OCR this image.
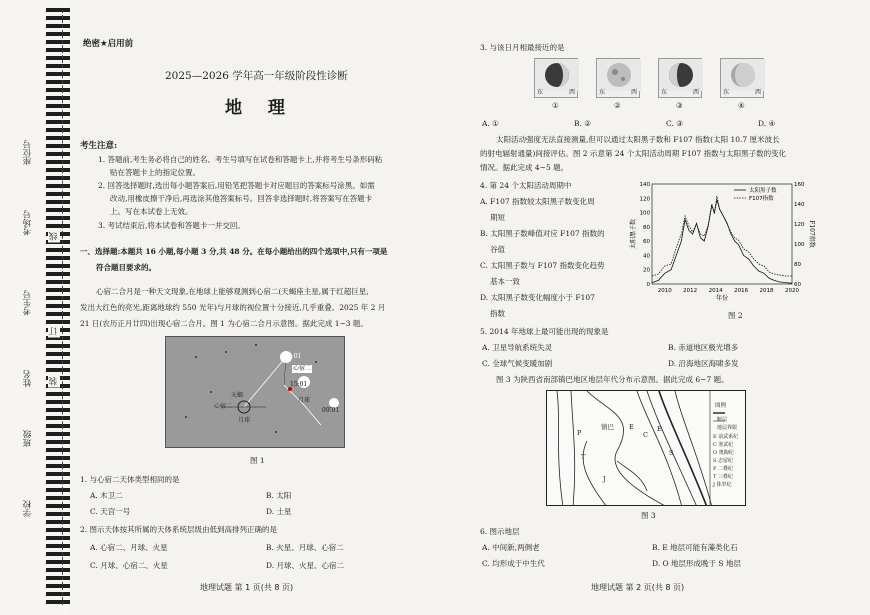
座位号
考场号
考生号
姓名
班级
学校
线
订
装
绝密★启用前
2025—2026 学年高一年级阶段性诊断
地 理
考生注意:
1. 答题前,考生务必将自己的姓名、考生号填写在试卷和答题卡上,并将考生号条形码粘
贴在答题卡上的指定位置。
2. 回答选择题时,选出每小题答案后,用铅笔把答题卡对应题目的答案标号涂黑。如需
改动,用橡皮擦干净后,再选涂其他答案标号。回答非选择题时,将答案写在答题卡
上。写在本试卷上无效。
3. 考试结束后,将本试卷和答题卡一并交回。
一、选择题:本题共 16 小题,每小题 3 分,共 48 分。在每小题给出的四个选项中,只有一项是
符合题目要求的。
心宿二合月是一种天文现象,在地球上能够观测到心宿二(天蝎座主星,属于红超巨星,
发出大红色的亮光,距离地球约 550 光年)与月球的视位置十分接近,几乎重叠。2025 年 2 月
21 日(农历正月廿四)出现心宿二合月。图 1 为心宿二合月示意图。据此完成 1~3 题。
21:01
心宿二
15:01
09:01
天蝎
心宿二
月球
月球
图 1
1. 与心宿二天体类型相同的是
A. 木卫二	B. 太阳
C. 天宫一号	D. 土星
2. 图示天体按其所属的天体系统层级由低到高排列正确的是
A. 心宿二、月球、火星	B. 火星、月球、心宿二
C. 月球、心宿二、火星	D. 月球、火星、心宿二
地理试题 第 1 页(共 8 页)
3. 与该日月相最接近的是
东	西
①
东	西
②
东	西
③
东	西
④
A. ①	B. ②	C. ③	D. ④
太阳活动强度无法直接测量,但可以通过太阳黑子数和 F107 指数(太阳 10.7 厘米波长
的射电辐射通量)间接评估。图 2 示意第 24 个太阳活动周期 F107 指数与太阳黑子数的变化
情况。据此完成 4~5 题。
4. 第 24 个太阳活动周期中
A. F107 指数较太阳黑子数变化周
期短
B. 太阳黑子数峰值对应 F107 指数的
谷值
C. 太阳黑子数与 F107 指数变化趋势
基本一致
D. 太阳黑子数变化幅度小于 F107
指数
2010 2012 2014 2016 2018 2020
0
20
40
60
80
100
120
140
60
80
100
120
140
160
年份
太阳黑子数	F107指数
太阳黑子数
F107指数
图 2
5. 2014 年地球上最可能出现的现象是
A. 卫星导航系统失灵	B. 赤道地区极光增多
C. 全球气候变暖加剧	D. 沿海地区海啸多发
图 3 为陕西省南部镇巴地区地层年代分布示意图。据此完成 6~7 题。
P
镇巴 E
C
E
T	S
J
图例
断层
地层界限
E 前武系纪
C 寒武纪
O 奥陶纪
S 志留纪
P 二叠纪
T 三叠纪
J 侏罗纪
图 3
6. 图示地层
A. 中间新,两侧老	B. E 地层可能有藻类化石
C. 均形成于中生代	D. O 地层形成晚于 S 地层
地理试题 第 2 页(共 8 页)
